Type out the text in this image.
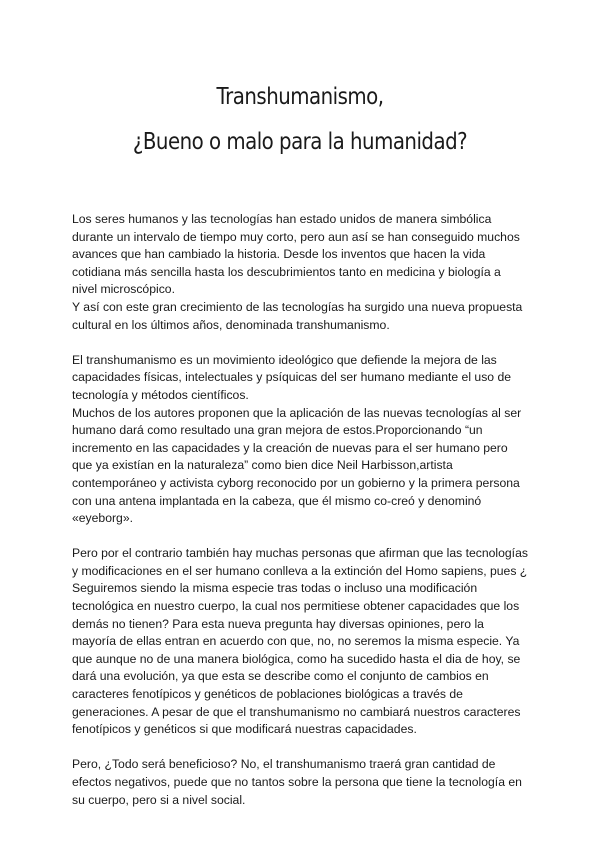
Transhumanismo,
¿Bueno o malo para la humanidad?

Los seres humanos y las tecnologías han estado unidos de manera simbólica
durante un intervalo de tiempo muy corto, pero aun así se han conseguido muchos
avances que han cambiado la historia. Desde los inventos que hacen la vida
cotidiana más sencilla hasta los descubrimientos tanto en medicina y biología a
nivel microscópico.
Y así con este gran crecimiento de las tecnologías ha surgido una nueva propuesta
cultural en los últimos años, denominada transhumanismo.

El transhumanismo es un movimiento ideológico que defiende la mejora de las
capacidades físicas, intelectuales y psíquicas del ser humano mediante el uso de
tecnología y métodos científicos.
Muchos de los autores proponen que la aplicación de las nuevas tecnologías al ser
humano dará como resultado una gran mejora de estos.Proporcionando “un
incremento en las capacidades y la creación de nuevas para el ser humano pero
que ya existían en la naturaleza” como bien dice Neil Harbisson,artista
contemporáneo y activista cyborg reconocido por un gobierno y la primera persona
con una antena implantada en la cabeza, que él mismo co-creó y denominó
«eyeborg».

Pero por el contrario también hay muchas personas que afirman que las tecnologías
y modificaciones en el ser humano conlleva a la extinción del Homo sapiens, pues ¿
Seguiremos siendo la misma especie tras todas o incluso una modificación
tecnológica en nuestro cuerpo, la cual nos permitiese obtener capacidades que los
demás no tienen? Para esta nueva pregunta hay diversas opiniones, pero la
mayoría de ellas entran en acuerdo con que, no, no seremos la misma especie. Ya
que aunque no de una manera biológica, como ha sucedido hasta el dia de hoy, se
dará una evolución, ya que esta se describe como el conjunto de cambios en
caracteres fenotípicos y genéticos de poblaciones biológicas a través de
generaciones. A pesar de que el transhumanismo no cambiará nuestros caracteres
fenotípicos y genéticos si que modificará nuestras capacidades.

Pero, ¿Todo será beneficioso? No, el transhumanismo traerá gran cantidad de
efectos negativos, puede que no tantos sobre la persona que tiene la tecnología en
su cuerpo, pero si a nivel social.
